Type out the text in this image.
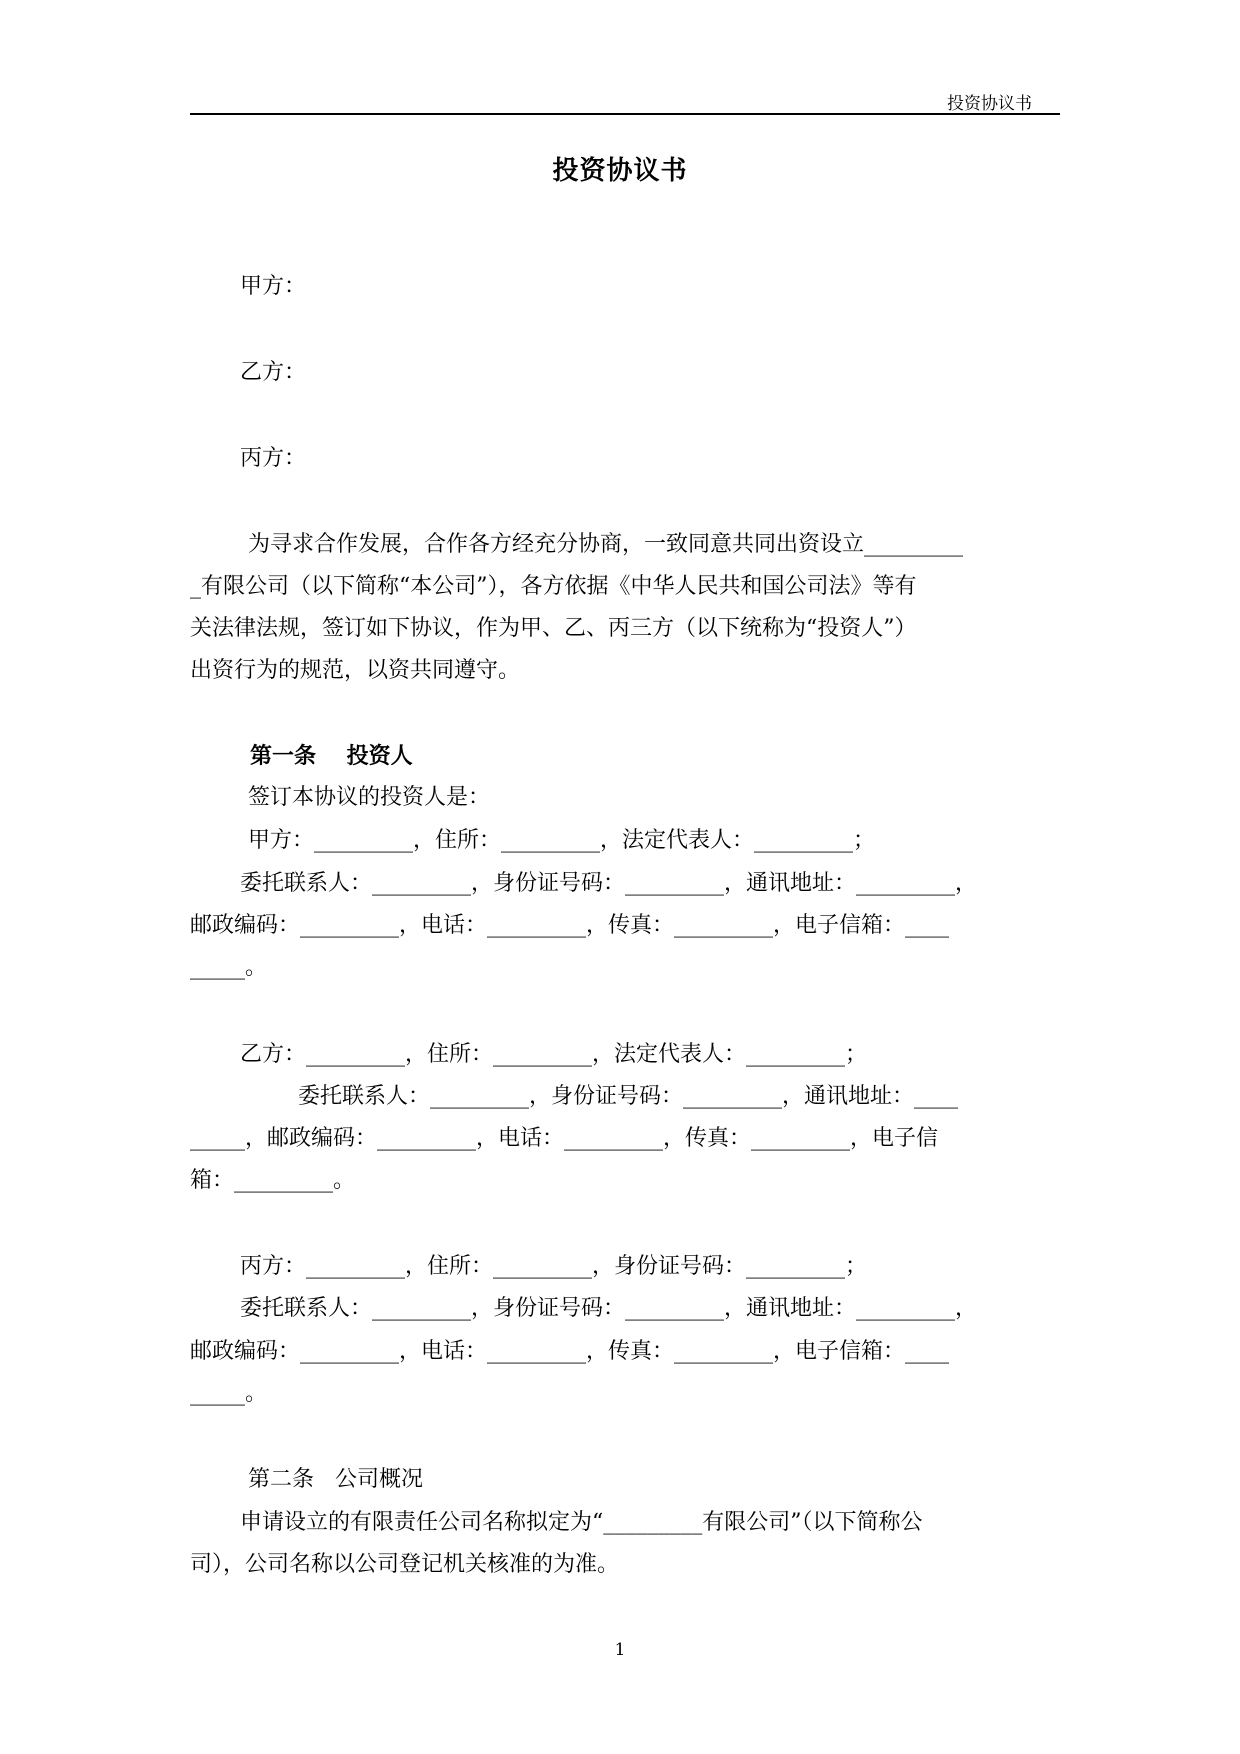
投资协议书
投资协议书
甲方：
乙方：
丙方：
为寻求合作发展，合作各方经充分协商，一致同意共同出资设立_________
_有限公司（以下简称“本公司”），各方依据《中华人民共和国公司法》等有
关法律法规，签订如下协议，作为甲、乙、丙三方（以下统称为“投资人”）
出资行为的规范，以资共同遵守。
第一条    投资人
签订本协议的投资人是：
甲方：_________，住所：_________，法定代表人：_________；
委托联系人：_________，身份证号码：_________，通讯地址：_________，
邮政编码：_________，电话：_________，传真：_________，电子信箱：____
_____。
乙方：_________，住所：_________，法定代表人：_________；
委托联系人：_________，身份证号码：_________，通讯地址：____
_____，邮政编码：_________，电话：_________，传真：_________，电子信
箱：_________。
丙方：_________，住所：_________，身份证号码：_________；
委托联系人：_________，身份证号码：_________，通讯地址：_________，
邮政编码：_________，电话：_________，传真：_________，电子信箱：____
_____。
第二条   公司概况
申请设立的有限责任公司名称拟定为“_________有限公司”（以下简称公
司），公司名称以公司登记机关核准的为准。
1
